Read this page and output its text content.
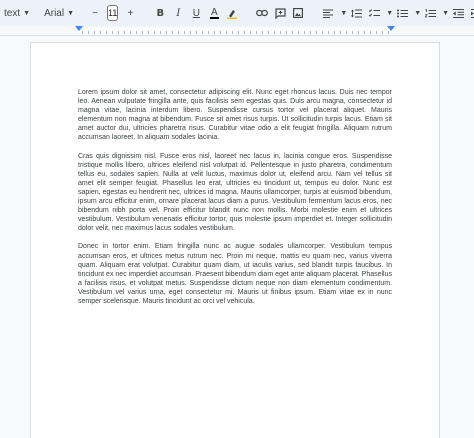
text ▼ Arial ▼	−	11	+	B	I	U	A	▼	▼	▼	▼

Lorem ipsum dolor sit amet, consectetur adipiscing elit. Nunc eget rhoncus lacus. Duis nec tempor leo. Aenean vulputate fringilla ante, quis facilisis sem egestas quis. Duis arcu magna, consectetur id magna vitae, lacinia interdum libero. Suspendisse cursus tortor vel placerat aliquet. Mauris elementum non magna at bibendum. Fusce sit amet risus turpis. Ut sollicitudin turpis lacus. Etiam sit amet auctor dui, ultricies pharetra risus. Curabitur vitae odio a elit feugiat fringilla. Aliquam rutrum accumsan laoreet. In aliquam sodales lacinia.

Cras quis dignissim nisl. Fusce eros nisl, laoreet nec lacus in, lacinia congue eros. Suspendisse tristique mollis libero, ultrices eleifend nisl volutpat id. Pellentesque in justo pharetra, condimentum tellus eu, sodales sapien. Nulla at velit luctus, maximus dolor ut, eleifend arcu. Nam vel tellus sit amet elit semper feugiat. Phasellus leo erat, ultricies eu tincidunt ut, tempus eu dolor. Nunc est sapien, egestas eu hendrerit nec, ultrices id magna. Mauris ullamcorper, turpis at euismod bibendum, ipsum arcu efficitur enim, ornare placerat lacus diam a purus. Vestibulum fermentum lacus eros, nec bibendum nibh porta vel. Proin efficitur blandit nunc non mollis. Morbi molestie enim et ultrices vestibulum. Vestibulum venenatis efficitur tortor, quis molestie ipsum imperdiet et. Integer sollicitudin dolor velit, nec maximus lacus sodales vestibulum.

Donec in tortor enim. Etiam fringilla nunc ac augue sodales ullamcorper. Vestibulum tempus accumsan eros, et ultrices metus rutrum nec. Proin mi neque, mattis eu quam nec, varius viverra quam. Aliquam erat volutpat. Curabitur quam diam, ut iaculis varius, sed blandit turpis faucibus. In tincidunt ex nec imperdiet accumsan. Praesent bibendum diam eget ante aliquam placerat. Phasellus a facilisis risus, et volutpat metus. Suspendisse dictum neque non diam elementum condimentum. Vestibulum vel varius urna, eget consectetur mi. Mauris ut finibus ipsum. Etiam vitae ex in nunc semper scelerisque. Mauris tincidunt ac orci vel vehicula.
